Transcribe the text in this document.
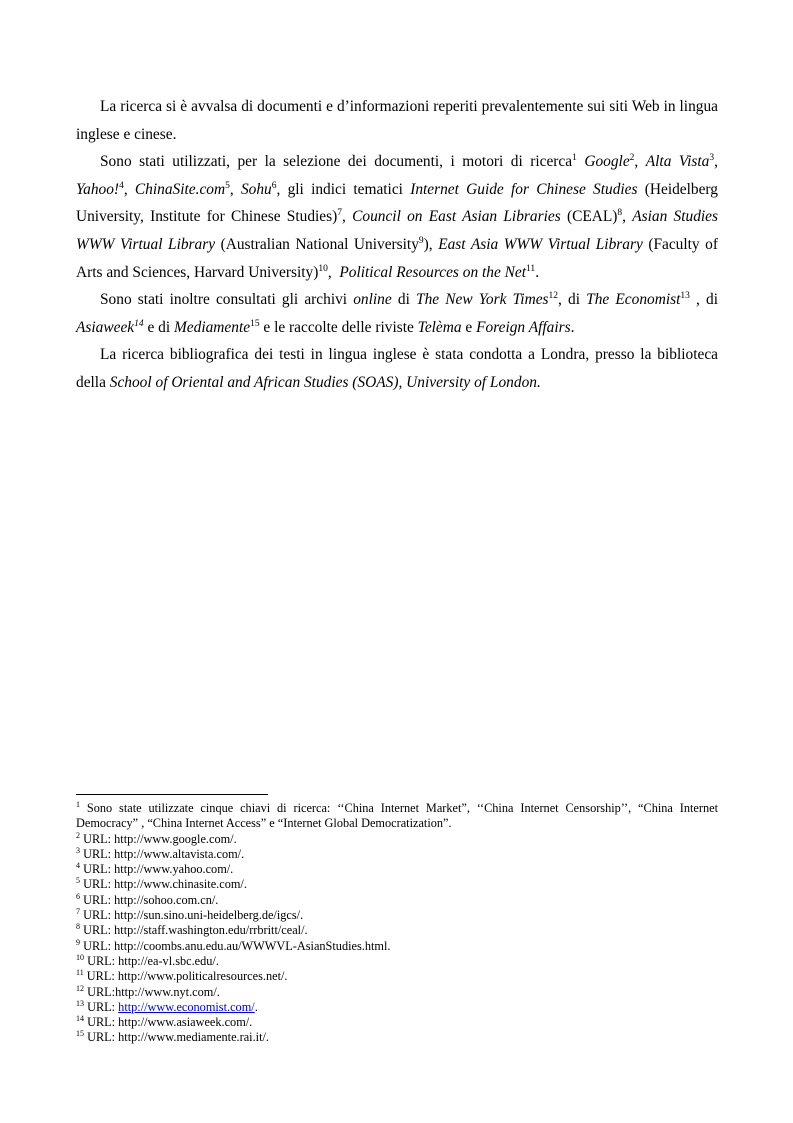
La ricerca si è avvalsa di documenti e d’informazioni reperiti prevalentemente sui siti Web in lingua inglese e cinese.

Sono stati utilizzati, per la selezione dei documenti, i motori di ricerca$^1$ Google$^2$, Alta Vista$^3$, Yahoo!$^4$, ChinaSite.com$^5$, Sohu$^6$, gli indici tematici Internet Guide for Chinese Studies (Heidelberg University, Institute for Chinese Studies)$^7$, Council on East Asian Libraries (CEAL)$^8$, Asian Studies WWW Virtual Library (Australian National University$^9$), East Asia WWW Virtual Library (Faculty of Arts and Sciences, Harvard University)$^{10}$,  Political Resources on the Net$^{11}$.

Sono stati inoltre consultati gli archivi online di The New York Times$^{12}$, di The Economist$^{13}$ , di Asiaweek$^{14}$ e di Mediamente$^{15}$ e le raccolte delle riviste Telèma e Foreign Affairs.

La ricerca bibliografica dei testi in lingua inglese è stata condotta a Londra, presso la biblioteca della School of Oriental and African Studies (SOAS), University of London.

$^1$ Sono state utilizzate cinque chiavi di ricerca: ‘‘China Internet Market”, ‘‘China Internet Censorship’’, “China Internet Democracy” , “China Internet Access” e “Internet Global Democratization”.

$^2$ URL: http://www.google.com/.

$^3$ URL: http://www.altavista.com/.

$^4$ URL: http://www.yahoo.com/.

$^5$ URL: http://www.chinasite.com/.

$^6$ URL: http://sohoo.com.cn/.

$^7$ URL: http://sun.sino.uni-heidelberg.de/igcs/.

$^8$ URL: http://staff.washington.edu/rrbritt/ceal/.

$^9$ URL: http://coombs.anu.edu.au/WWWVL-AsianStudies.html.

$^{10}$ URL: http://ea-vl.sbc.edu/.

$^{11}$ URL: http://www.politicalresources.net/.

$^{12}$ URL:http://www.nyt.com/.

$^{13}$ URL: http://www.economist.com/.

$^{14}$ URL: http://www.asiaweek.com/.

$^{15}$ URL: http://www.mediamente.rai.it/.
